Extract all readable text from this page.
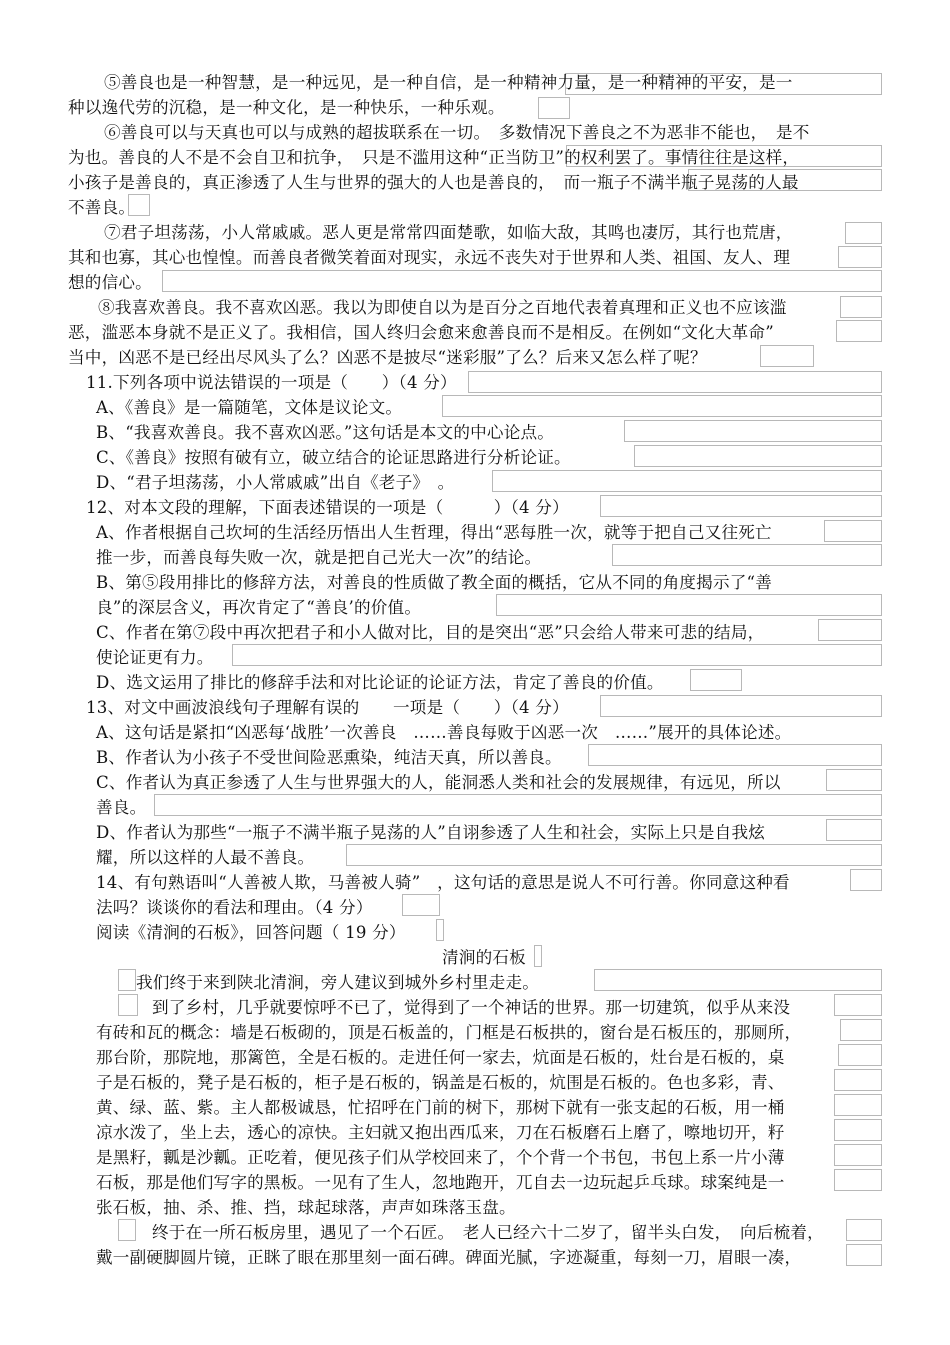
⑤善良也是一种智慧，是一种远见，是一种自信，是一种精神力量，是一种精神的平安，是一
种以逸代劳的沉稳，是一种文化，是一种快乐，一种乐观。
⑥善良可以与天真也可以与成熟的超拔联系在一切。　多数情况下善良之不为恶非不能也，　是不
为也。善良的人不是不会自卫和抗争，　只是不滥用这种“正当防卫”的权利罢了。事情往往是这样，
小孩子是善良的，真正渗透了人生与世界的强大的人也是善良的，　而一瓶子不满半瓶子晃荡的人最
不善良。
⑦君子坦荡荡，小人常戚戚。恶人更是常常四面楚歌，如临大敌，其鸣也凄厉，其行也荒唐，
其和也寡，其心也惶惶。而善良者微笑着面对现实，永远不丧失对于世界和人类、祖国、友人、理
想的信心。
⑧我喜欢善良。我不喜欢凶恶。我以为即使自以为是百分之百地代表着真理和正义也不应该滥
恶，滥恶本身就不是正义了。我相信，国人终归会愈来愈善良而不是相反。在例如“文化大革命”
当中，凶恶不是已经出尽风头了么？凶恶不是披尽“迷彩服”了么？后来又怎么样了呢？
11.下列各项中说法错误的一项是（　　）（4 分）
A、《善良》是一篇随笔，文体是议论文。
B、“我喜欢善良。我不喜欢凶恶。”这句话是本文的中心论点。
C、《善良》按照有破有立，破立结合的论证思路进行分析论证。
D、“君子坦荡荡，小人常戚戚”出自《老子》　。
12、对本文段的理解，下面表述错误的一项是（　　　）（4 分）
A、作者根据自己坎坷的生活经历悟出人生哲理，得出“恶每胜一次，就等于把自己又往死亡
推一步，而善良每失败一次，就是把自己光大一次”的结论。
B、第⑤段用排比的修辞方法，对善良的性质做了教全面的概括，它从不同的角度揭示了“善
良”的深层含义，再次肯定了“善良’的价值。
C、作者在第⑦段中再次把君子和小人做对比，目的是突出“恶”只会给人带来可悲的结局，
使论证更有力。
D、选文运用了排比的修辞手法和对比论证的论证方法，肯定了善良的价值。
13、对文中画波浪线句子理解有误的　　一项是（　　）（4 分）
A、这句话是紧扣“凶恶每‘战胜’一次善良　……善良每败于凶恶一次　……”展开的具体论述。
B、作者认为小孩子不受世间险恶熏染，纯洁天真，所以善良。
C、作者认为真正参透了人生与世界强大的人，能洞悉人类和社会的发展规律，有远见，所以
善良。
D、作者认为那些“一瓶子不满半瓶子晃荡的人”自诩参透了人生和社会，实际上只是自我炫
耀，所以这样的人最不善良。
14、有句熟语叫“人善被人欺，马善被人骑”　，这句话的意思是说人不可行善。你同意这种看
法吗？谈谈你的看法和理由。（4 分）
阅读《清涧的石板》，回答问题（ 19 分）
清涧的石板
我们终于来到陕北清涧，旁人建议到城外乡村里走走。
到了乡村，几乎就要惊呼不已了，觉得到了一个神话的世界。那一切建筑，似乎从来没
有砖和瓦的概念：墙是石板砌的，顶是石板盖的，门框是石板拱的，窗台是石板压的，那厕所，
那台阶，那院地，那篱笆，全是石板的。走进任何一家去，炕面是石板的，灶台是石板的，桌
子是石板的，凳子是石板的，柜子是石板的，锅盖是石板的，炕围是石板的。色也多彩，青、
黄、绿、蓝、紫。主人都极诚恳，忙招呼在门前的树下，那树下就有一张支起的石板，用一桶
凉水泼了，坐上去，透心的凉快。主妇就又抱出西瓜来，刀在石板磨石上磨了，嚓地切开，籽
是黑籽，瓤是沙瓤。正吃着，便见孩子们从学校回来了，个个背一个书包，书包上系一片小薄
石板，那是他们写字的黑板。一见有了生人，忽地跑开，兀自去一边玩起乒乓球。球案纯是一
张石板，抽、杀、推、挡，球起球落，声声如珠落玉盘。
终于在一所石板房里，遇见了一个石匠。　老人已经六十二岁了，留半头白发，　向后梳着，
戴一副硬脚圆片镜，正眯了眼在那里刻一面石碑。碑面光腻，字迹凝重，每刻一刀，眉眼一凑，
